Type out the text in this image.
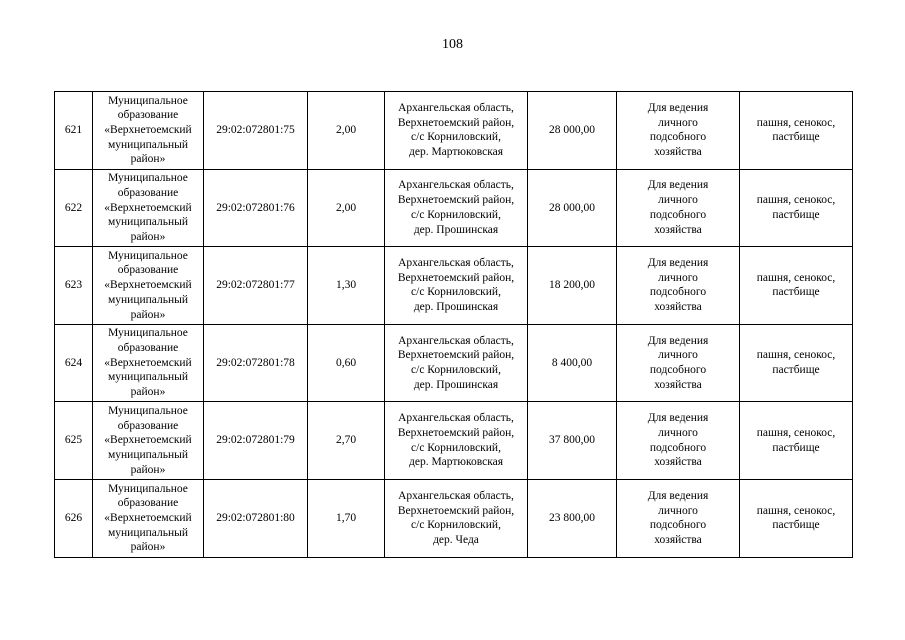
108
621	Муниципальное
образование
«Верхнетоемский
муниципальный
район»	29:02:072801:75	2,00	Архангельская область,
Верхнетоемский район,
с/с Корниловский,
дер. Мартюковская	28 000,00	Для ведения
личного
подсобного
хозяйства	пашня, сенокос,
пастбище

622	Муниципальное
образование
«Верхнетоемский
муниципальный
район»	29:02:072801:76	2,00	Архангельская область,
Верхнетоемский район,
с/с Корниловский,
дер. Прошинская	28 000,00	Для ведения
личного
подсобного
хозяйства	пашня, сенокос,
пастбище

623	Муниципальное
образование
«Верхнетоемский
муниципальный
район»	29:02:072801:77	1,30	Архангельская область,
Верхнетоемский район,
с/с Корниловский,
дер. Прошинская	18 200,00	Для ведения
личного
подсобного
хозяйства	пашня, сенокос,
пастбище

624	Муниципальное
образование
«Верхнетоемский
муниципальный
район»	29:02:072801:78	0,60	Архангельская область,
Верхнетоемский район,
с/с Корниловский,
дер. Прошинская	8 400,00	Для ведения
личного
подсобного
хозяйства	пашня, сенокос,
пастбище

625	Муниципальное
образование
«Верхнетоемский
муниципальный
район»	29:02:072801:79	2,70	Архангельская область,
Верхнетоемский район,
с/с Корниловский,
дер. Мартюковская	37 800,00	Для ведения
личного
подсобного
хозяйства	пашня, сенокос,
пастбище

626	Муниципальное
образование
«Верхнетоемский
муниципальный
район»	29:02:072801:80	1,70	Архангельская область,
Верхнетоемский район,
с/с Корниловский,
дер. Чеда	23 800,00	Для ведения
личного
подсобного
хозяйства	пашня, сенокос,
пастбище
